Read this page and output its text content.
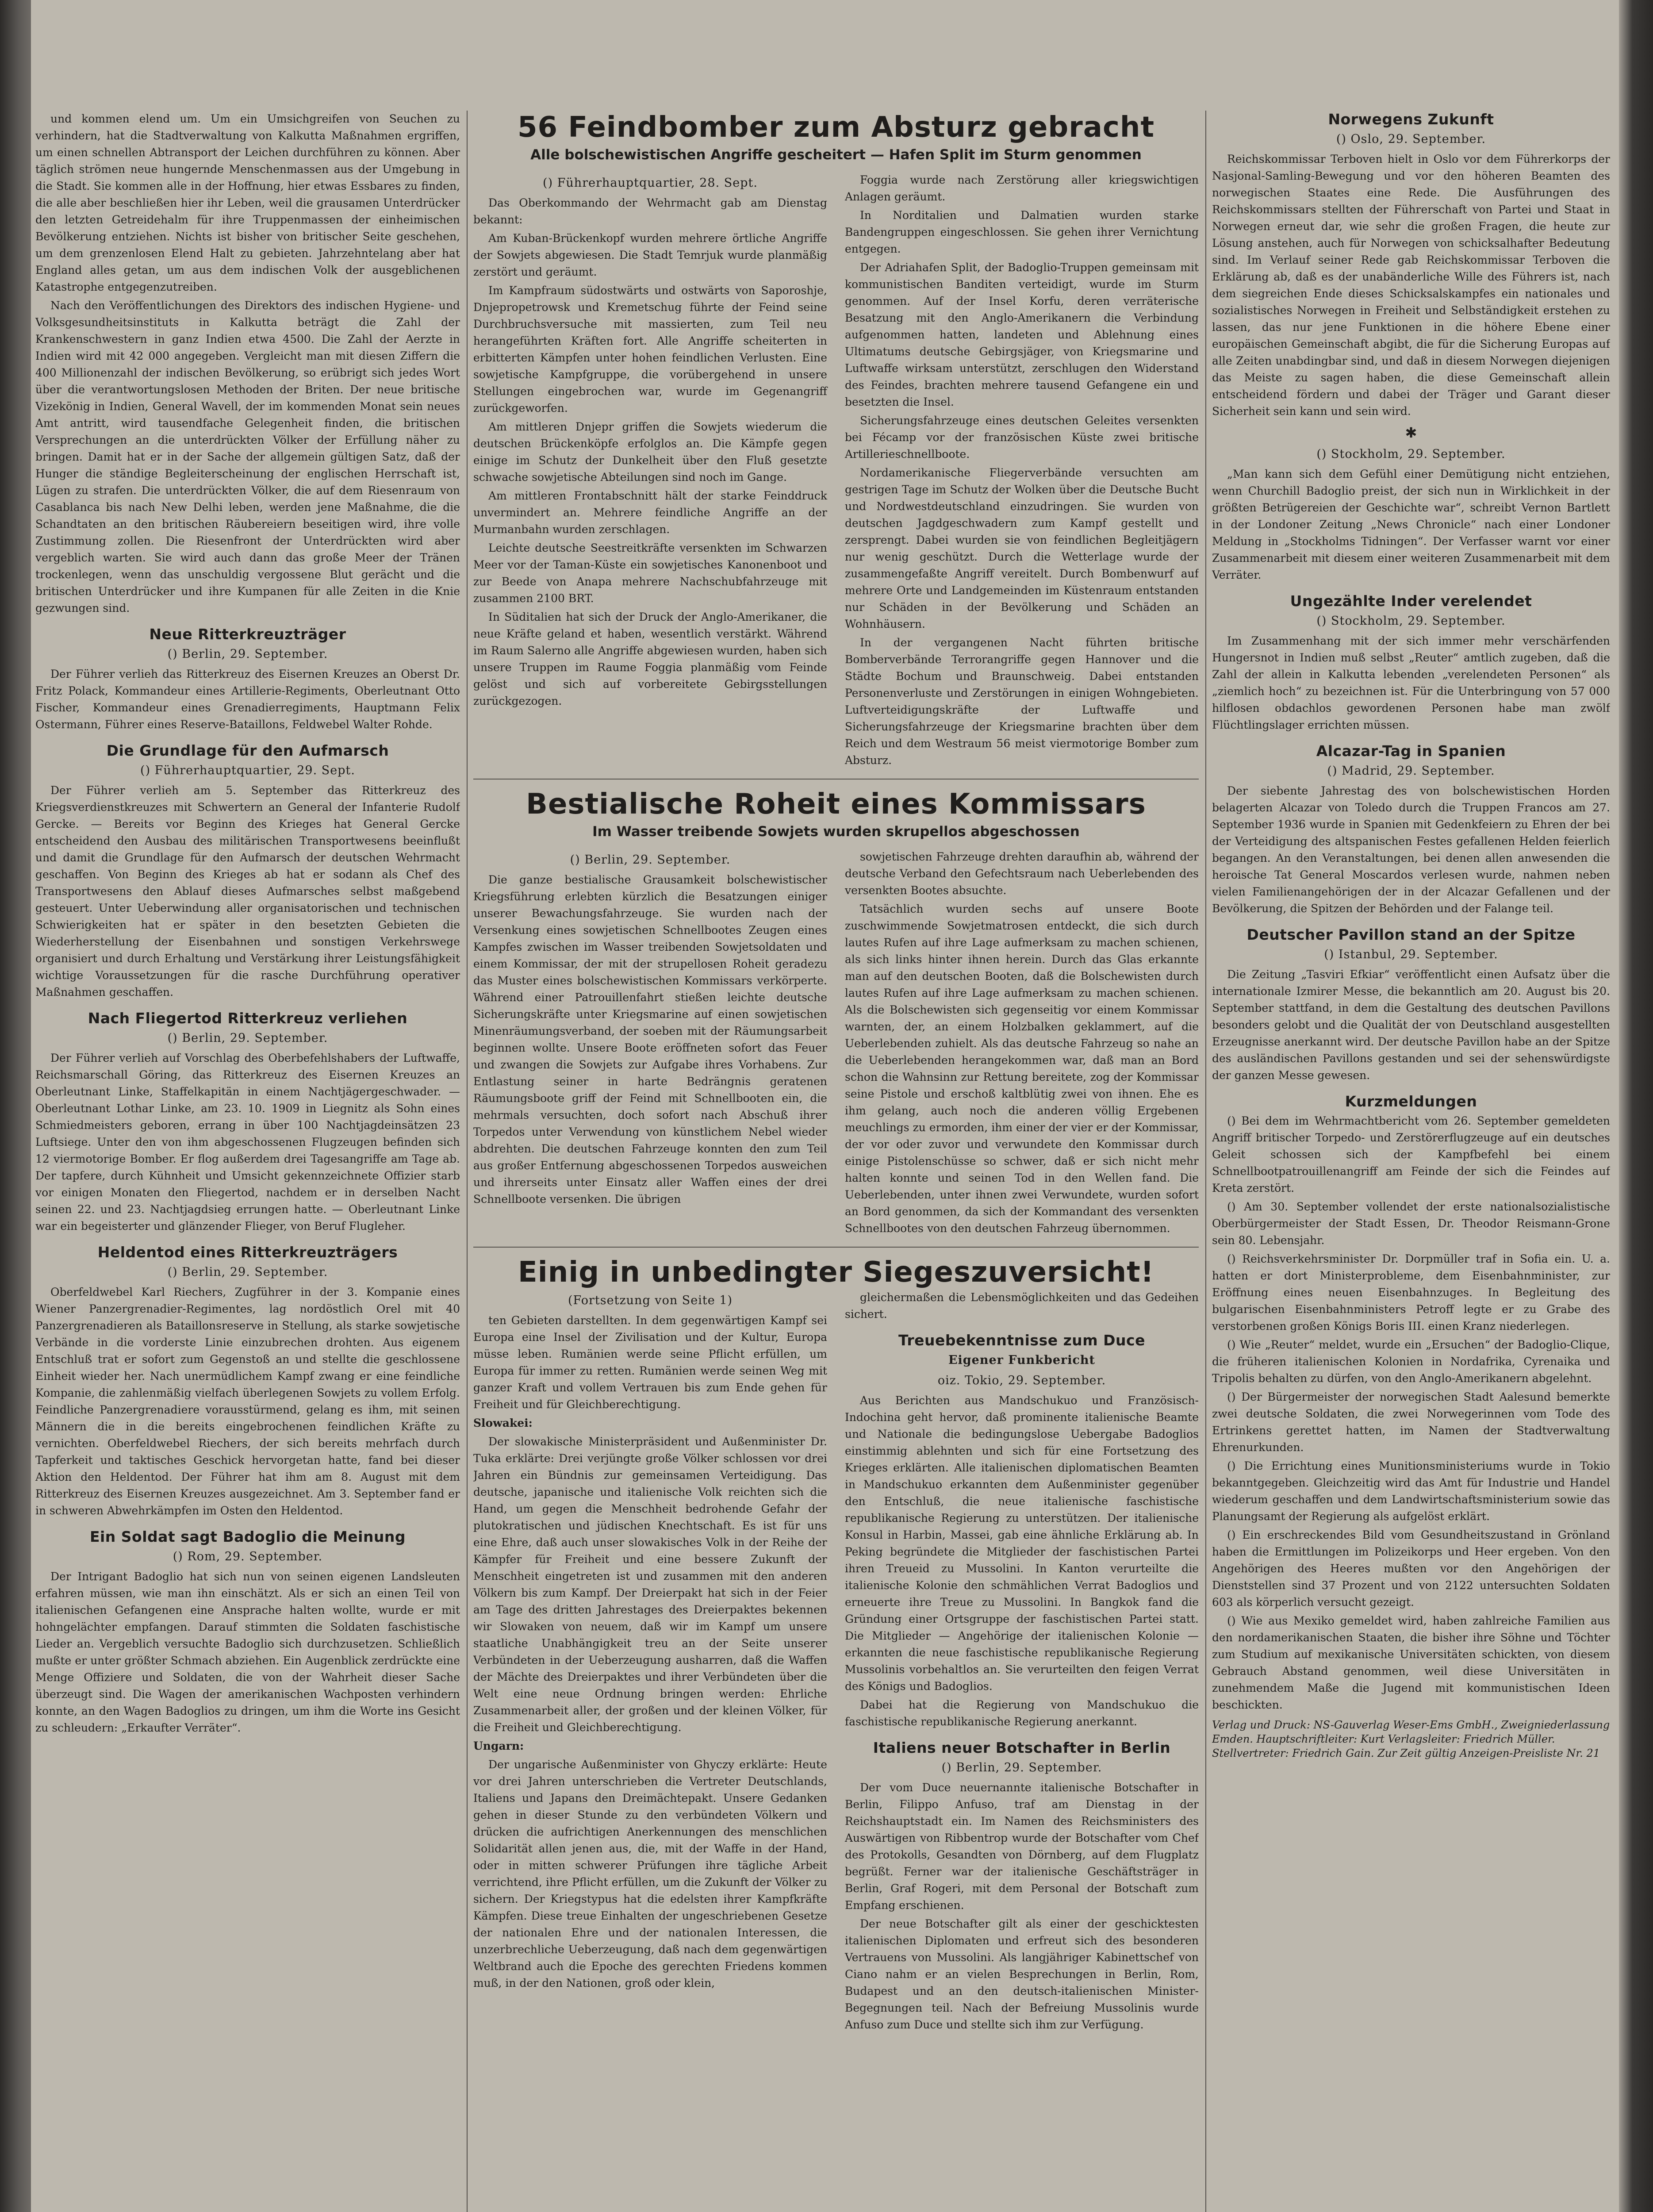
und kommen elend um. Um ein Umsichgreifen von Seuchen zu verhindern, hat die Stadtverwaltung von Kalkutta Maßnahmen ergriffen, um einen schnellen Abtransport der Leichen durchführen zu können. Aber täglich strömen neue hungernde Menschenmassen aus der Umgebung in die Stadt. Sie kommen alle in der Hoffnung, hier etwas Essbares zu finden, die alle aber beschließen hier ihr Leben, weil die grausamen Unterdrücker den letzten Getreidehalm für ihre Truppenmassen der einheimischen Bevölkerung entziehen. Nichts ist bisher von britischer Seite geschehen, um dem grenzenlosen Elend Halt zu gebieten. Jahrzehntelang aber hat England alles getan, um aus dem indischen Volk der ausgeblichenen Katastrophe entgegenzutreiben.

Nach den Veröffentlichungen des Direktors des indischen Hygiene- und Volksgesundheitsinstituts in Kalkutta beträgt die Zahl der Krankenschwestern in ganz Indien etwa 4500. Die Zahl der Aerzte in Indien wird mit 42 000 angegeben. Vergleicht man mit diesen Ziffern die 400 Millionenzahl der indischen Bevölkerung, so erübrigt sich jedes Wort über die verantwortungslosen Methoden der Briten. Der neue britische Vizekönig in Indien, General Wavell, der im kommenden Monat sein neues Amt antritt, wird tausendfache Gelegenheit finden, die britischen Versprechungen an die unterdrückten Völker der Erfüllung näher zu bringen. Damit hat er in der Sache der allgemein gültigen Satz, daß der Hunger die ständige Begleiterscheinung der englischen Herrschaft ist, Lügen zu strafen. Die unterdrückten Völker, die auf dem Riesenraum von Casablanca bis nach New Delhi leben, werden jene Maßnahme, die die Schandtaten an den britischen Räubereiern beseitigen wird, ihre volle Zustimmung zollen. Die Riesenfront der Unterdrückten wird aber vergeblich warten. Sie wird auch dann das große Meer der Tränen trockenlegen, wenn das unschuldig vergossene Blut gerächt und die britischen Unterdrücker und ihre Kumpanen für alle Zeiten in die Knie gezwungen sind.

Neue Ritterkreuzträger
() Berlin, 29. September.

Der Führer verlieh das Ritterkreuz des Eisernen Kreuzes an Oberst Dr. Fritz Polack, Kommandeur eines Artillerie-Regiments, Oberleutnant Otto Fischer, Kommandeur eines Grenadierregiments, Hauptmann Felix Ostermann, Führer eines Reserve-Bataillons, Feldwebel Walter Rohde.

Die Grundlage für den Aufmarsch
() Führerhauptquartier, 29. Sept.

Der Führer verlieh am 5. September das Ritterkreuz des Kriegsverdienstkreuzes mit Schwertern an General der Infanterie Rudolf Gercke. — Bereits vor Beginn des Krieges hat General Gercke entscheidend den Ausbau des militärischen Transportwesens beeinflußt und damit die Grundlage für den Aufmarsch der deutschen Wehrmacht geschaffen. Von Beginn des Krieges ab hat er sodann als Chef des Transportwesens den Ablauf dieses Aufmarsches selbst maßgebend gesteuert. Unter Ueberwindung aller organisatorischen und technischen Schwierigkeiten hat er später in den besetzten Gebieten die Wiederherstellung der Eisenbahnen und sonstigen Verkehrswege organisiert und durch Erhaltung und Verstärkung ihrer Leistungsfähigkeit wichtige Voraussetzungen für die rasche Durchführung operativer Maßnahmen geschaffen.

Nach Fliegertod Ritterkreuz verliehen
() Berlin, 29. September.

Der Führer verlieh auf Vorschlag des Oberbefehlshabers der Luftwaffe, Reichsmarschall Göring, das Ritterkreuz des Eisernen Kreuzes an Oberleutnant Linke, Staffelkapitän in einem Nachtjägergeschwader. — Oberleutnant Lothar Linke, am 23. 10. 1909 in Liegnitz als Sohn eines Schmiedmeisters geboren, errang in über 100 Nachtjagdeinsätzen 23 Luftsiege. Unter den von ihm abgeschossenen Flugzeugen befinden sich 12 viermotorige Bomber. Er flog außerdem drei Tagesangriffe am Tage ab. Der tapfere, durch Kühnheit und Umsicht gekennzeichnete Offizier starb vor einigen Monaten den Fliegertod, nachdem er in derselben Nacht seinen 22. und 23. Nachtjagdsieg errungen hatte. — Oberleutnant Linke war ein begeisterter und glänzender Flieger, von Beruf Flugleher.

Heldentod eines Ritterkreuzträgers
() Berlin, 29. September.

Oberfeldwebel Karl Riechers, Zugführer in der 3. Kompanie eines Wiener Panzergrenadier-Regimentes, lag nordöstlich Orel mit 40 Panzergrenadieren als Bataillonsreserve in Stellung, als starke sowjetische Verbände in die vorderste Linie einzubrechen drohten. Aus eigenem Entschluß trat er sofort zum Gegenstoß an und stellte die geschlossene Einheit wieder her. Nach unermüdlichem Kampf zwang er eine feindliche Kompanie, die zahlenmäßig vielfach überlegenen Sowjets zu vollem Erfolg. Feindliche Panzergrenadiere vorausstürmend, gelang es ihm, mit seinen Männern die in die bereits eingebrochenen feindlichen Kräfte zu vernichten. Oberfeldwebel Riechers, der sich bereits mehrfach durch Tapferkeit und taktisches Geschick hervorgetan hatte, fand bei dieser Aktion den Heldentod. Der Führer hat ihm am 8. August mit dem Ritterkreuz des Eisernen Kreuzes ausgezeichnet. Am 3. September fand er in schweren Abwehrkämpfen im Osten den Heldentod.

Ein Soldat sagt Badoglio die Meinung
() Rom, 29. September.

Der Intrigant Badoglio hat sich nun von seinen eigenen Landsleuten erfahren müssen, wie man ihn einschätzt. Als er sich an einen Teil von italienischen Gefangenen eine Ansprache halten wollte, wurde er mit hohngelächter empfangen. Darauf stimmten die Soldaten faschistische Lieder an. Vergeblich versuchte Badoglio sich durchzusetzen. Schließlich mußte er unter größter Schmach abziehen. Ein Augenblick zerdrückte eine Menge Offiziere und Soldaten, die von der Wahrheit dieser Sache überzeugt sind. Die Wagen der amerikanischen Wachposten verhindern konnte, an den Wagen Badoglios zu dringen, um ihm die Worte ins Gesicht zu schleudern: „Erkaufter Verräter“.

56 Feindbomber zum Absturz gebracht
Alle bolschewistischen Angriffe gescheitert — Hafen Split im Sturm genommen
() Führerhauptquartier, 28. Sept.

Das Oberkommando der Wehrmacht gab am Dienstag bekannt:

Am Kuban-Brückenkopf wurden mehrere örtliche Angriffe der Sowjets abgewiesen. Die Stadt Temrjuk wurde planmäßig zerstört und geräumt.

Im Kampfraum südostwärts und ostwärts von Saporoshje, Dnjepropetrowsk und Kremetschug führte der Feind seine Durchbruchsversuche mit massierten, zum Teil neu herangeführten Kräften fort. Alle Angriffe scheiterten in erbitterten Kämpfen unter hohen feindlichen Verlusten. Eine sowjetische Kampfgruppe, die vorübergehend in unsere Stellungen eingebrochen war, wurde im Gegenangriff zurückgeworfen.

Am mittleren Dnjepr griffen die Sowjets wiederum die deutschen Brückenköpfe erfolglos an. Die Kämpfe gegen einige im Schutz der Dunkelheit über den Fluß gesetzte schwache sowjetische Abteilungen sind noch im Gange.

Am mittleren Frontabschnitt hält der starke Feinddruck unvermindert an. Mehrere feindliche Angriffe an der Murmanbahn wurden zerschlagen.

Leichte deutsche Seestreitkräfte versenkten im Schwarzen Meer vor der Taman-Küste ein sowjetisches Kanonenboot und zur Beede von Anapa mehrere Nachschubfahrzeuge mit zusammen 2100 BRT.

In Süditalien hat sich der Druck der Anglo-Amerikaner, die neue Kräfte geland et haben, wesentlich verstärkt. Während im Raum Salerno alle Angriffe abgewiesen wurden, haben sich unsere Truppen im Raume Foggia planmäßig vom Feinde gelöst und sich auf vorbereitete Gebirgsstellungen zurückgezogen.

Foggia wurde nach Zerstörung aller kriegswichtigen Anlagen geräumt.

In Norditalien und Dalmatien wurden starke Bandengruppen eingeschlossen. Sie gehen ihrer Vernichtung entgegen.

Der Adriahafen Split, der Badoglio-Truppen gemeinsam mit kommunistischen Banditen verteidigt, wurde im Sturm genommen. Auf der Insel Korfu, deren verräterische Besatzung mit den Anglo-Amerikanern die Verbindung aufgenommen hatten, landeten und Ablehnung eines Ultimatums deutsche Gebirgsjäger, von Kriegsmarine und Luftwaffe wirksam unterstützt, zerschlugen den Widerstand des Feindes, brachten mehrere tausend Gefangene ein und besetzten die Insel.

Sicherungsfahrzeuge eines deutschen Geleites versenkten bei Fécamp vor der französischen Küste zwei britische Artillerieschnellboote.

Nordamerikanische Fliegerverbände versuchten am gestrigen Tage im Schutz der Wolken über die Deutsche Bucht und Nordwestdeutschland einzudringen. Sie wurden von deutschen Jagdgeschwadern zum Kampf gestellt und zersprengt. Dabei wurden sie von feindlichen Begleitjägern nur wenig geschützt. Durch die Wetterlage wurde der zusammengefaßte Angriff vereitelt. Durch Bombenwurf auf mehrere Orte und Landgemeinden im Küstenraum entstanden nur Schäden in der Bevölkerung und Schäden an Wohnhäusern.

In der vergangenen Nacht führten britische Bomberverbände Terrorangriffe gegen Hannover und die Städte Bochum und Braunschweig. Dabei entstanden Personenverluste und Zerstörungen in einigen Wohngebieten. Luftverteidigungskräfte der Luftwaffe und Sicherungsfahrzeuge der Kriegsmarine brachten über dem Reich und dem Westraum 56 meist viermotorige Bomber zum Absturz.

Bestialische Roheit eines Kommissars
Im Wasser treibende Sowjets wurden skrupellos abgeschossen
() Berlin, 29. September.

Die ganze bestialische Grausamkeit bolschewistischer Kriegsführung erlebten kürzlich die Besatzungen einiger unserer Bewachungsfahrzeuge. Sie wurden nach der Versenkung eines sowjetischen Schnellbootes Zeugen eines Kampfes zwischen im Wasser treibenden Sowjetsoldaten und einem Kommissar, der mit der strupellosen Roheit geradezu das Muster eines bolschewistischen Kommissars verkörperte. Während einer Patrouillenfahrt stießen leichte deutsche Sicherungskräfte unter Kriegsmarine auf einen sowjetischen Minenräumungsverband, der soeben mit der Räumungsarbeit beginnen wollte. Unsere Boote eröffneten sofort das Feuer und zwangen die Sowjets zur Aufgabe ihres Vorhabens. Zur Entlastung seiner in harte Bedrängnis geratenen Räumungsboote griff der Feind mit Schnellbooten ein, die mehrmals versuchten, doch sofort nach Abschuß ihrer Torpedos unter Verwendung von künstlichem Nebel wieder abdrehten. Die deutschen Fahrzeuge konnten den zum Teil aus großer Entfernung abgeschossenen Torpedos ausweichen und ihrerseits unter Einsatz aller Waffen eines der drei Schnellboote versenken. Die übrigen

sowjetischen Fahrzeuge drehten daraufhin ab, während der deutsche Verband den Gefechtsraum nach Ueberlebenden des versenkten Bootes absuchte.

Tatsächlich wurden sechs auf unsere Boote zuschwimmende Sowjetmatrosen entdeckt, die sich durch lautes Rufen auf ihre Lage aufmerksam zu machen schienen, als sich links hinter ihnen herein. Durch das Glas erkannte man auf den deutschen Booten, daß die Bolschewisten durch lautes Rufen auf ihre Lage aufmerksam zu machen schienen. Als die Bolschewisten sich gegenseitig vor einem Kommissar warnten, der, an einem Holzbalken geklammert, auf die Ueberlebenden zuhielt. Als das deutsche Fahrzeug so nahe an die Ueberlebenden herangekommen war, daß man an Bord schon die Wahnsinn zur Rettung bereitete, zog der Kommissar seine Pistole und erschoß kaltblütig zwei von ihnen. Ehe es ihm gelang, auch noch die anderen völlig Ergebenen meuchlings zu ermorden, ihm einer der vier er der Kommissar, der vor oder zuvor und verwundete den Kommissar durch einige Pistolenschüsse so schwer, daß er sich nicht mehr halten konnte und seinen Tod in den Wellen fand. Die Ueberlebenden, unter ihnen zwei Verwundete, wurden sofort an Bord genommen, da sich der Kommandant des versenkten Schnellbootes von den deutschen Fahrzeug übernommen.

Einig in unbedingter Siegeszuversicht!
(Fortsetzung von Seite 1)

ten Gebieten darstellten. In dem gegenwärtigen Kampf sei Europa eine Insel der Zivilisation und der Kultur, Europa müsse leben. Rumänien werde seine Pflicht erfüllen, um Europa für immer zu retten. Rumänien werde seinen Weg mit ganzer Kraft und vollem Vertrauen bis zum Ende gehen für Freiheit und für Gleichberechtigung.

Slowakei:

Der slowakische Ministerpräsident und Außenminister Dr. Tuka erklärte: Drei verjüngte große Völker schlossen vor drei Jahren ein Bündnis zur gemeinsamen Verteidigung. Das deutsche, japanische und italienische Volk reichten sich die Hand, um gegen die Menschheit bedrohende Gefahr der plutokratischen und jüdischen Knechtschaft. Es ist für uns eine Ehre, daß auch unser slowakisches Volk in der Reihe der Kämpfer für Freiheit und eine bessere Zukunft der Menschheit eingetreten ist und zusammen mit den anderen Völkern bis zum Kampf. Der Dreierpakt hat sich in der Feier am Tage des dritten Jahrestages des Dreierpaktes bekennen wir Slowaken von neuem, daß wir im Kampf um unsere staatliche Unabhängigkeit treu an der Seite unserer Verbündeten in der Ueberzeugung ausharren, daß die Waffen der Mächte des Dreierpaktes und ihrer Verbündeten über die Welt eine neue Ordnung bringen werden: Ehrliche Zusammenarbeit aller, der großen und der kleinen Völker, für die Freiheit und Gleichberechtigung.

Ungarn:

Der ungarische Außenminister von Ghyczy erklärte: Heute vor drei Jahren unterschrieben die Vertreter Deutschlands, Italiens und Japans den Dreimächtepakt. Unsere Gedanken gehen in dieser Stunde zu den verbündeten Völkern und drücken die aufrichtigen Anerkennungen des menschlichen Solidarität allen jenen aus, die, mit der Waffe in der Hand, oder in mitten schwerer Prüfungen ihre tägliche Arbeit verrichtend, ihre Pflicht erfüllen, um die Zukunft der Völker zu sichern. Der Kriegstypus hat die edelsten ihrer Kampfkräfte Kämpfen. Diese treue Einhalten der ungeschriebenen Gesetze der nationalen Ehre und der nationalen Interessen, die unzerbrechliche Ueberzeugung, daß nach dem gegenwärtigen Weltbrand auch die Epoche des gerechten Friedens kommen muß, in der den Nationen, groß oder klein,

gleichermaßen die Lebensmöglichkeiten und das Gedeihen sichert.

Treuebekenntnisse zum Duce
Eigener Funkbericht
oiz. Tokio, 29. September.

Aus Berichten aus Mandschukuo und Französisch-Indochina geht hervor, daß prominente italienische Beamte und Nationale die bedingungslose Uebergabe Badoglios einstimmig ablehnten und sich für eine Fortsetzung des Krieges erklärten. Alle italienischen diplomatischen Beamten in Mandschukuo erkannten dem Außenminister gegenüber den Entschluß, die neue italienische faschistische republikanische Regierung zu unterstützen. Der italienische Konsul in Harbin, Massei, gab eine ähnliche Erklärung ab. In Peking begründete die Mitglieder der faschistischen Partei ihren Treueid zu Mussolini. In Kanton verurteilte die italienische Kolonie den schmählichen Verrat Badoglios und erneuerte ihre Treue zu Mussolini. In Bangkok fand die Gründung einer Ortsgruppe der faschistischen Partei statt. Die Mitglieder — Angehörige der italienischen Kolonie — erkannten die neue faschistische republikanische Regierung Mussolinis vorbehaltlos an. Sie verurteilten den feigen Verrat des Königs und Badoglios.

Dabei hat die Regierung von Mandschukuo die faschistische republikanische Regierung anerkannt.

Italiens neuer Botschafter in Berlin
() Berlin, 29. September.

Der vom Duce neuernannte italienische Botschafter in Berlin, Filippo Anfuso, traf am Dienstag in der Reichshauptstadt ein. Im Namen des Reichsministers des Auswärtigen von Ribbentrop wurde der Botschafter vom Chef des Protokolls, Gesandten von Dörnberg, auf dem Flugplatz begrüßt. Ferner war der italienische Geschäftsträger in Berlin, Graf Rogeri, mit dem Personal der Botschaft zum Empfang erschienen.

Der neue Botschafter gilt als einer der geschicktesten italienischen Diplomaten und erfreut sich des besonderen Vertrauens von Mussolini. Als langjähriger Kabinettschef von Ciano nahm er an vielen Besprechungen in Berlin, Rom, Budapest und an den deutsch-italienischen Minister-Begegnungen teil. Nach der Befreiung Mussolinis wurde Anfuso zum Duce und stellte sich ihm zur Verfügung.

Norwegens Zukunft
() Oslo, 29. September.

Reichskommissar Terboven hielt in Oslo vor dem Führerkorps der Nasjonal-Samling-Bewegung und vor den höheren Beamten des norwegischen Staates eine Rede. Die Ausführungen des Reichskommissars stellten der Führerschaft von Partei und Staat in Norwegen erneut dar, wie sehr die großen Fragen, die heute zur Lösung anstehen, auch für Norwegen von schicksalhafter Bedeutung sind. Im Verlauf seiner Rede gab Reichskommissar Terboven die Erklärung ab, daß es der unabänderliche Wille des Führers ist, nach dem siegreichen Ende dieses Schicksalskampfes ein nationales und sozialistisches Norwegen in Freiheit und Selbständigkeit erstehen zu lassen, das nur jene Funktionen in die höhere Ebene einer europäischen Gemeinschaft abgibt, die für die Sicherung Europas auf alle Zeiten unabdingbar sind, und daß in diesem Norwegen diejenigen das Meiste zu sagen haben, die diese Gemeinschaft allein entscheidend fördern und dabei der Träger und Garant dieser Sicherheit sein kann und sein wird.

✱
() Stockholm, 29. September.

„Man kann sich dem Gefühl einer Demütigung nicht entziehen, wenn Churchill Badoglio preist, der sich nun in Wirklichkeit in der größten Betrügereien der Geschichte war“, schreibt Vernon Bartlett in der Londoner Zeitung „News Chronicle“ nach einer Londoner Meldung in „Stockholms Tidningen“. Der Verfasser warnt vor einer Zusammenarbeit mit diesem einer weiteren Zusammenarbeit mit dem Verräter.

Ungezählte Inder verelendet
() Stockholm, 29. September.

Im Zusammenhang mit der sich immer mehr verschärfenden Hungersnot in Indien muß selbst „Reuter“ amtlich zugeben, daß die Zahl der allein in Kalkutta lebenden „verelendeten Personen“ als „ziemlich hoch“ zu bezeichnen ist. Für die Unterbringung von 57 000 hilflosen obdachlos gewordenen Personen habe man zwölf Flüchtlingslager errichten müssen.

Alcazar-Tag in Spanien
() Madrid, 29. September.

Der siebente Jahrestag des von bolschewistischen Horden belagerten Alcazar von Toledo durch die Truppen Francos am 27. September 1936 wurde in Spanien mit Gedenkfeiern zu Ehren der bei der Verteidigung des altspanischen Festes gefallenen Helden feierlich begangen. An den Veranstaltungen, bei denen allen anwesenden die heroische Tat General Moscardos verlesen wurde, nahmen neben vielen Familienangehörigen der in der Alcazar Gefallenen und der Bevölkerung, die Spitzen der Behörden und der Falange teil.

Deutscher Pavillon stand an der Spitze
() Istanbul, 29. September.

Die Zeitung „Tasviri Efkiar“ veröffentlicht einen Aufsatz über die internationale Izmirer Messe, die bekanntlich am 20. August bis 20. September stattfand, in dem die Gestaltung des deutschen Pavillons besonders gelobt und die Qualität der von Deutschland ausgestellten Erzeugnisse anerkannt wird. Der deutsche Pavillon habe an der Spitze des ausländischen Pavillons gestanden und sei der sehenswürdigste der ganzen Messe gewesen.

Kurzmeldungen

() Bei dem im Wehrmachtbericht vom 26. September gemeldeten Angriff britischer Torpedo- und Zerstörerflugzeuge auf ein deutsches Geleit schossen sich der Kampfbefehl bei einem Schnellbootpatrouillenangriff am Feinde der sich die Feindes auf Kreta zerstört.

() Am 30. September vollendet der erste nationalsozialistische Oberbürgermeister der Stadt Essen, Dr. Theodor Reismann-Grone sein 80. Lebensjahr.

() Reichsverkehrsminister Dr. Dorpmüller traf in Sofia ein. U. a. hatten er dort Ministerprobleme, dem Eisenbahnminister, zur Eröffnung eines neuen Eisenbahnzuges. In Begleitung des bulgarischen Eisenbahnministers Petroff legte er zu Grabe des verstorbenen großen Königs Boris III. einen Kranz niederlegen.

() Wie „Reuter“ meldet, wurde ein „Ersuchen“ der Badoglio-Clique, die früheren italienischen Kolonien in Nordafrika, Cyrenaika und Tripolis behalten zu dürfen, von den Anglo-Amerikanern abgelehnt.

() Der Bürgermeister der norwegischen Stadt Aalesund bemerkte zwei deutsche Soldaten, die zwei Norwegerinnen vom Tode des Ertrinkens gerettet hatten, im Namen der Stadtverwaltung Ehrenurkunden.

() Die Errichtung eines Munitionsministeriums wurde in Tokio bekanntgegeben. Gleichzeitig wird das Amt für Industrie und Handel wiederum geschaffen und dem Landwirtschaftsministerium sowie das Planungsamt der Regierung als aufgelöst erklärt.

() Ein erschreckendes Bild vom Gesundheitszustand in Grönland haben die Ermittlungen im Polizeikorps und Heer ergeben. Von den Angehörigen des Heeres mußten vor den Angehörigen der Dienststellen sind 37 Prozent und von 2122 untersuchten Soldaten 603 als körperlich versucht gezeigt.

() Wie aus Mexiko gemeldet wird, haben zahlreiche Familien aus den nordamerikanischen Staaten, die bisher ihre Söhne und Töchter zum Studium auf mexikanische Universitäten schickten, von diesem Gebrauch Abstand genommen, weil diese Universitäten in zunehmendem Maße die Jugend mit kommunistischen Ideen beschickten.

Verlag und Druck: NS-Gauverlag Weser-Ems GmbH., Zweigniederlassung Emden. Hauptschriftleiter: Kurt Verlagsleiter: Friedrich Müller. Stellvertreter: Friedrich Gain. Zur Zeit gültig Anzeigen-Preisliste Nr. 21
